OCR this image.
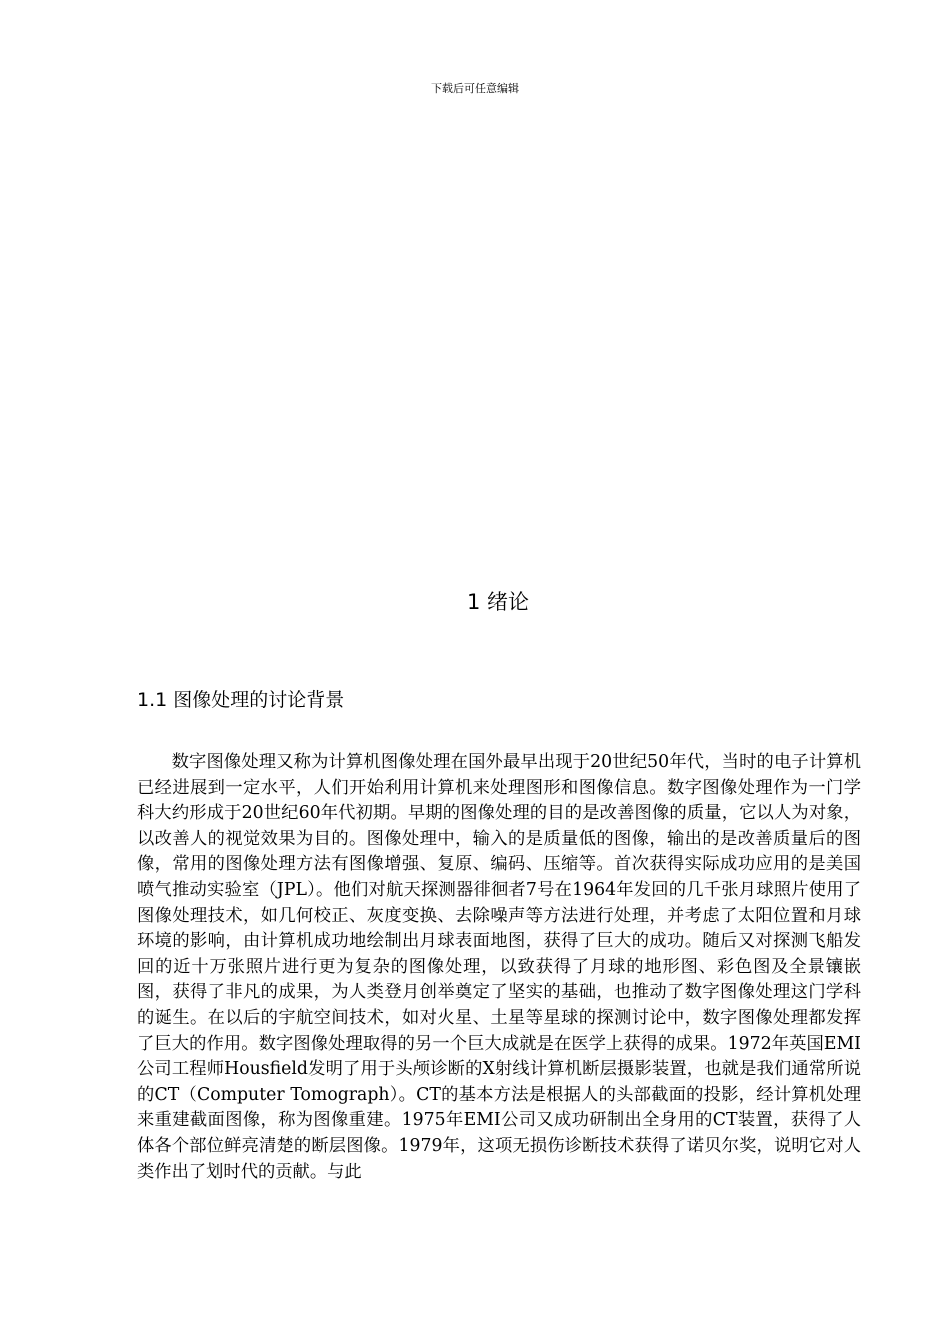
下载后可任意编辑
1 绪论
1.1 图像处理的讨论背景

数字图像处理又称为计算机图像处理在国外最早出现于20世纪50年代，当时的电子计算机已经进展到一定水平，人们开始利用计算机来处理图形和图像信息。数字图像处理作为一门学科大约形成于20世纪60年代初期。早期的图像处理的目的是改善图像的质量，它以人为对象，以改善人的视觉效果为目的。图像处理中，输入的是质量低的图像，输出的是改善质量后的图像，常用的图像处理方法有图像增强、复原、编码、压缩等。首次获得实际成功应用的是美国喷气推动实验室（JPL）。他们对航天探测器徘徊者7号在1964年发回的几千张月球照片使用了图像处理技术，如几何校正、灰度变换、去除噪声等方法进行处理，并考虑了太阳位置和月球环境的影响，由计算机成功地绘制出月球表面地图，获得了巨大的成功。随后又对探测飞船发回的近十万张照片进行更为复杂的图像处理，以致获得了月球的地形图、彩色图及全景镶嵌图，获得了非凡的成果，为人类登月创举奠定了坚实的基础，也推动了数字图像处理这门学科的诞生。在以后的宇航空间技术，如对火星、土星等星球的探测讨论中，数字图像处理都发挥了巨大的作用。数字图像处理取得的另一个巨大成就是在医学上获得的成果。1972年英国EMI公司工程师Housfield发明了用于头颅诊断的X射线计算机断层摄影装置，也就是我们通常所说的CT（Computer Tomograph）。CT的基本方法是根据人的头部截面的投影，经计算机处理来重建截面图像，称为图像重建。1975年EMI公司又成功研制出全身用的CT装置，获得了人体各个部位鲜亮清楚的断层图像。1979年，这项无损伤诊断技术获得了诺贝尔奖，说明它对人类作出了划时代的贡献。与此
